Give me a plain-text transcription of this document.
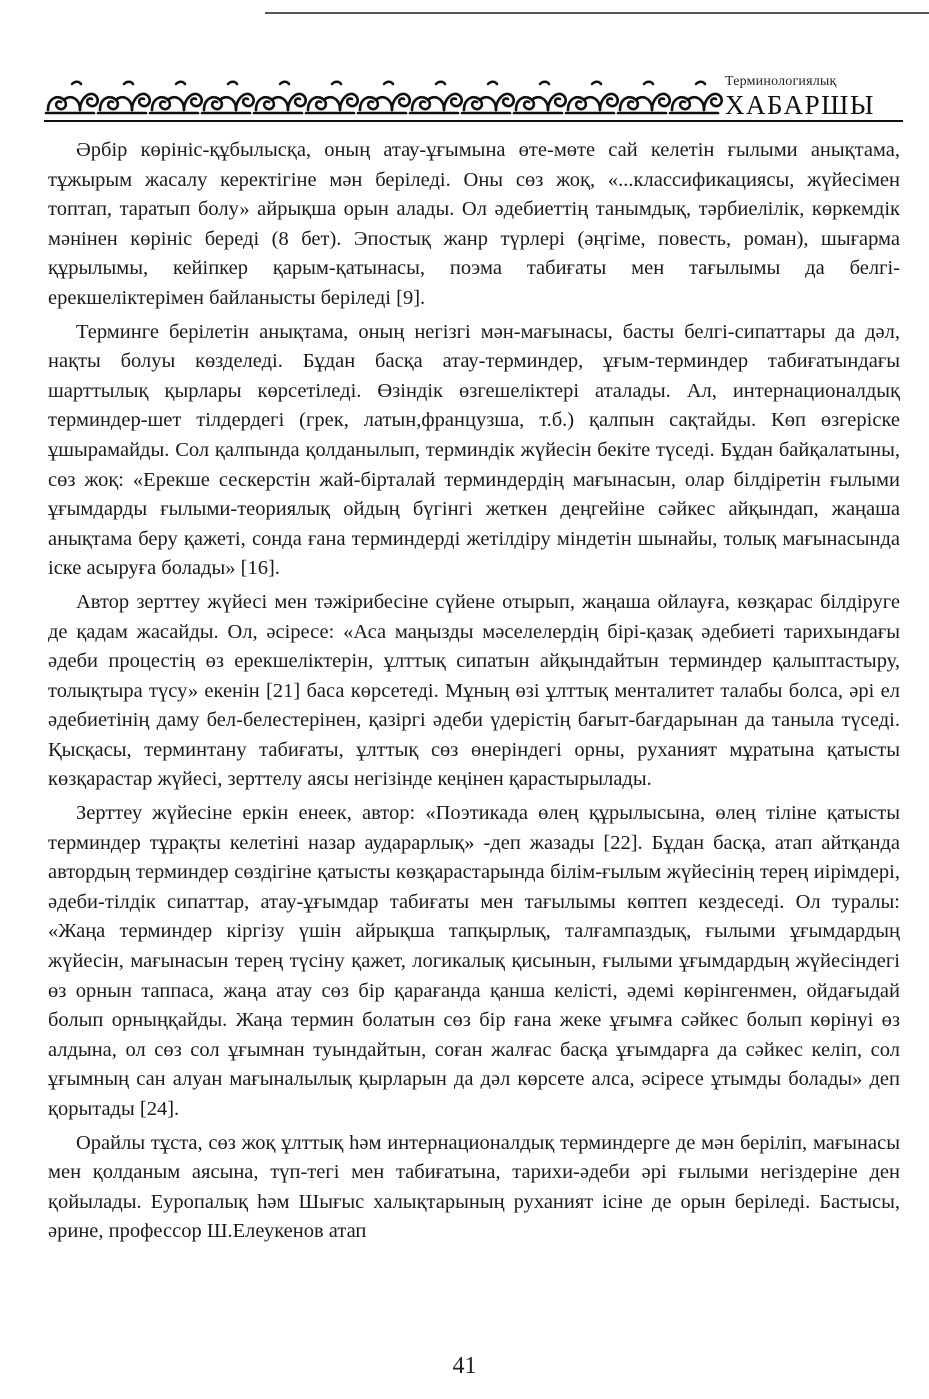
Терминологиялық
ХАБАРШЫ

Әрбір көрініс-құбылысқа, оның атау-ұғымына өте-мөте сай келетін ғылыми анықтама, тұжырым жасалу керектігіне мән беріледі. Оны сөз жоқ, «...классификациясы, жүйесімен топтап, таратып болу» айрықша орын алады. Ол әдебиеттің танымдық, тәрбиелілік, көркемдік мәнінен көрініс береді (8 бет). Эпостық жанр түрлері (әңгіме, повесть, роман), шығарма құрылымы, кейіпкер қарым-қатынасы, поэма табиғаты мен тағылымы да белгі- ерекшеліктерімен байланысты беріледі [9].

Терминге берілетін анықтама, оның негізгі мән-мағынасы, басты белгі-сипаттары да дәл, нақты болуы көзделеді. Бұдан басқа атау-терминдер, ұғым-терминдер табиғатындағы шарттылық қырлары көрсетіледі. Өзіндік өзгешеліктері аталады. Ал, интернационалдық терминдер-шет тілдердегі (грек, латын,французша, т.б.) қалпын сақтайды. Көп өзгеріске ұшырамайды. Сол қалпында қолданылып, терминдік жүйесін бекіте түседі. Бұдан байқалатыны, сөз жоқ: «Ерекше сескерстін жай-бірталай терминдердің мағынасын, олар білдіретін ғылыми ұғымдарды ғылыми-теориялық ойдың бүгінгі жеткен деңгейіне сәйкес айқындап, жаңаша анықтама беру қажеті, сонда ғана терминдерді жетілдіру міндетін шынайы, толық мағынасында іске асыруға болады» [16].

Автор зерттеу жүйесі мен тәжірибесіне сүйене отырып, жаңаша ойлауға, көзқарас білдіруге де қадам жасайды. Ол, әсіресе: «Аса маңызды мәселелердің бірі-қазақ әдебиеті тарихындағы әдеби процестің өз ерекшеліктерін, ұлттық сипатын айқындайтын терминдер қалыптастыру, толықтыра түсу» екенін [21] баса көрсетеді. Мұның өзі ұлттық менталитет талабы болса, әрі ел әдебиетінің даму бел-белестерінен, қазіргі әдеби үдерістің бағыт-бағдарынан да таныла түседі. Қысқасы, терминтану табиғаты, ұлттық сөз өнеріндегі орны, руханият мұратына қатысты көзқарастар жүйесі, зерттелу аясы негізінде кеңінен қарастырылады.

Зерттеу жүйесіне еркін енеек, автор: «Поэтикада өлең құрылысына, өлең тіліне қатысты терминдер тұрақты келетіні назар аударарлық» -деп жазады [22]. Бұдан басқа, атап айтқанда автордың терминдер сөздігіне қатысты көзқарастарында білім-ғылым жүйесінің терең иірімдері, әдеби-тілдік сипаттар, атау-ұғымдар табиғаты мен тағылымы көптеп кездеседі. Ол туралы: «Жаңа терминдер кіргізу үшін айрықша тапқырлық, талғампаздық, ғылыми ұғымдардың жүйесін, мағынасын терең түсіну қажет, логикалық қисынын, ғылыми ұғымдардың жүйесіндегі өз орнын таппаса, жаңа атау сөз бір қарағанда қанша келісті, әдемі көрінгенмен, ойдағыдай болып орныңқайды. Жаңа термин болатын сөз бір ғана жеке ұғымға сәйкес болып көрінуі өз алдына, ол сөз сол ұғымнан туындайтын, соған жалғас басқа ұғымдарға да сәйкес келіп, сол ұғымның сан алуан мағыналылық қырларын да дәл көрсете алса, әсіресе ұтымды болады» деп қорытады [24].

Орайлы тұста, сөз жоқ ұлттық һәм интернационалдық терминдерге де мән беріліп, мағынасы мен қолданым аясына, түп-тегі мен табиғатына, тарихи-әдеби әрі ғылыми негіздеріне ден қойылады. Еуропалық һәм Шығыс халықтарының руханият ісіне де орын беріледі. Бастысы, әрине, профессор Ш.Елеукенов атап

41
